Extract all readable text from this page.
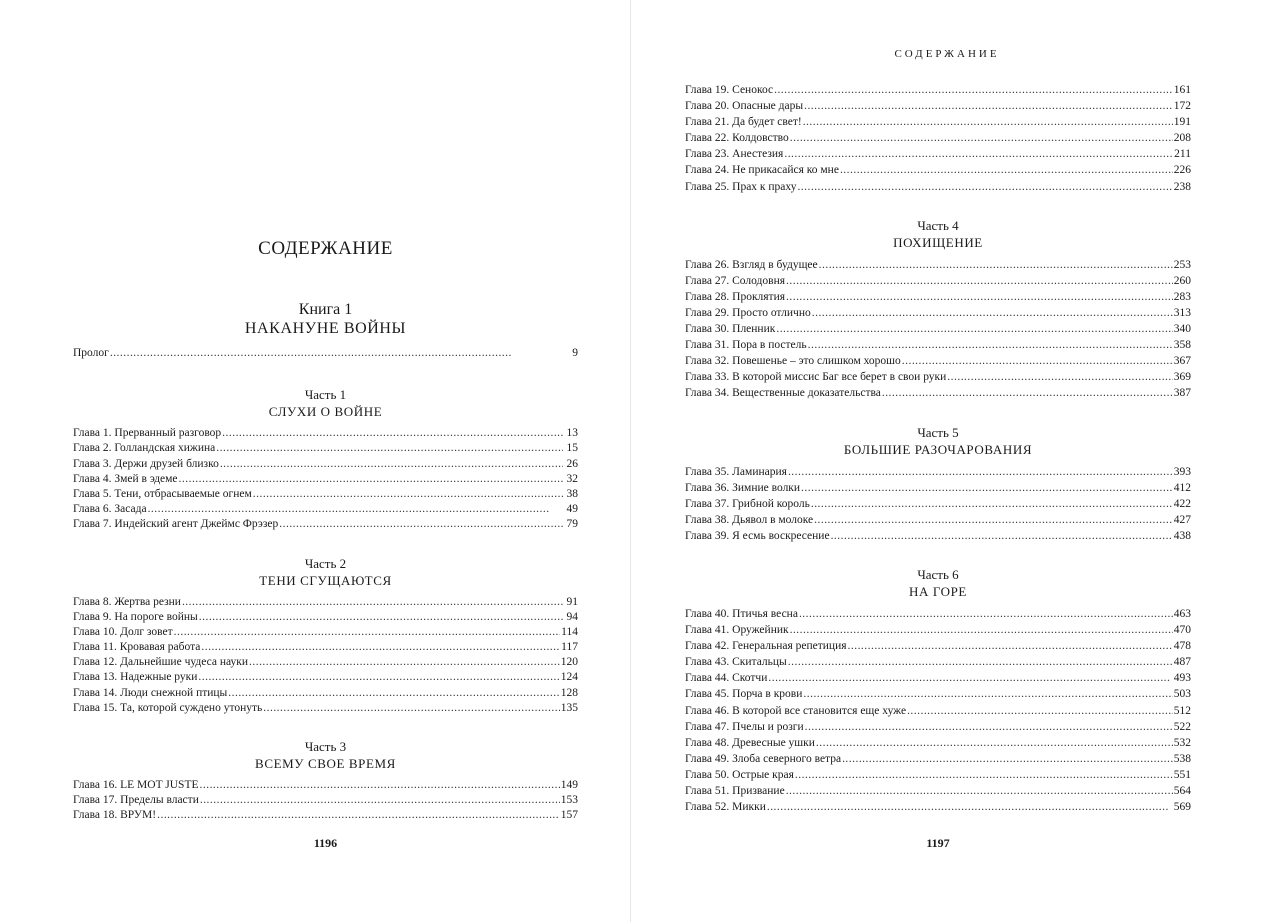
СОДЕРЖАНИЕ
Книга 1
НАКАНУНЕ ВОЙНЫ
Пролог . . .	9
Часть 1
СЛУХИ О ВОЙНЕ
Глава 1. Прерванный разговор . . .	13
Глава 2. Голландская хижина . . .	15
Глава 3. Держи друзей близко . . .	26
Глава 4. Змей в эдеме . . .	32
Глава 5. Тени, отбрасываемые огнем . . .	38
Глава 6. Засада . . .	49
Глава 7. Индейский агент Джеймс Фрэзер . . .	79
Часть 2
ТЕНИ СГУЩАЮТСЯ
Глава 8. Жертва резни . . .	91
Глава 9. На пороге войны . . .	94
Глава 10. Долг зовет . . .	114
Глава 11. Кровавая работа . . .	117
Глава 12. Дальнейшие чудеса науки . . .	120
Глава 13. Надежные руки . . .	124
Глава 14. Люди снежной птицы . . .	128
Глава 15. Та, которой суждено утонуть . . .	135
Часть 3
ВСЕМУ СВОЕ ВРЕМЯ
Глава 16. LE MOT JUSTE . . .	149
Глава 17. Пределы власти . . .	153
Глава 18. ВРУМ! . . .	157
1196
СОДЕРЖАНИЕ
Глава 19. Сенокос . . .	161
Глава 20. Опасные дары . . .	172
Глава 21. Да будет свет! . . .	191
Глава 22. Колдовство . . .	208
Глава 23. Анестезия . . .	211
Глава 24. Не прикасайся ко мне . . .	226
Глава 25. Прах к праху . . .	238
Часть 4
ПОХИЩЕНИЕ
Глава 26. Взгляд в будущее . . .	253
Глава 27. Солодовня . . .	260
Глава 28. Проклятия . . .	283
Глава 29. Просто отлично . . .	313
Глава 30. Пленник . . .	340
Глава 31. Пора в постель . . .	358
Глава 32. Повешенье – это слишком хорошо . . .	367
Глава 33. В которой миссис Баг все берет в свои руки . . .	369
Глава 34. Вещественные доказательства . . .	387
Часть 5
БОЛЬШИЕ РАЗОЧАРОВАНИЯ
Глава 35. Ламинария . . .	393
Глава 36. Зимние волки . . .	412
Глава 37. Грибной король . . .	422
Глава 38. Дьявол в молоке . . .	427
Глава 39. Я есмь воскресение . . .	438
Часть 6
НА ГОРЕ
Глава 40. Птичья весна . . .	463
Глава 41. Оружейник . . .	470
Глава 42. Генеральная репетиция . . .	478
Глава 43. Скитальцы . . .	487
Глава 44. Скотчи . . .	493
Глава 45. Порча в крови . . .	503
Глава 46. В которой все становится еще хуже . . .	512
Глава 47. Пчелы и розги . . .	522
Глава 48. Древесные ушки . . .	532
Глава 49. Злоба северного ветра . . .	538
Глава 50. Острые края . . .	551
Глава 51. Призвание . . .	564
Глава 52. Микки . . .	569
1197
